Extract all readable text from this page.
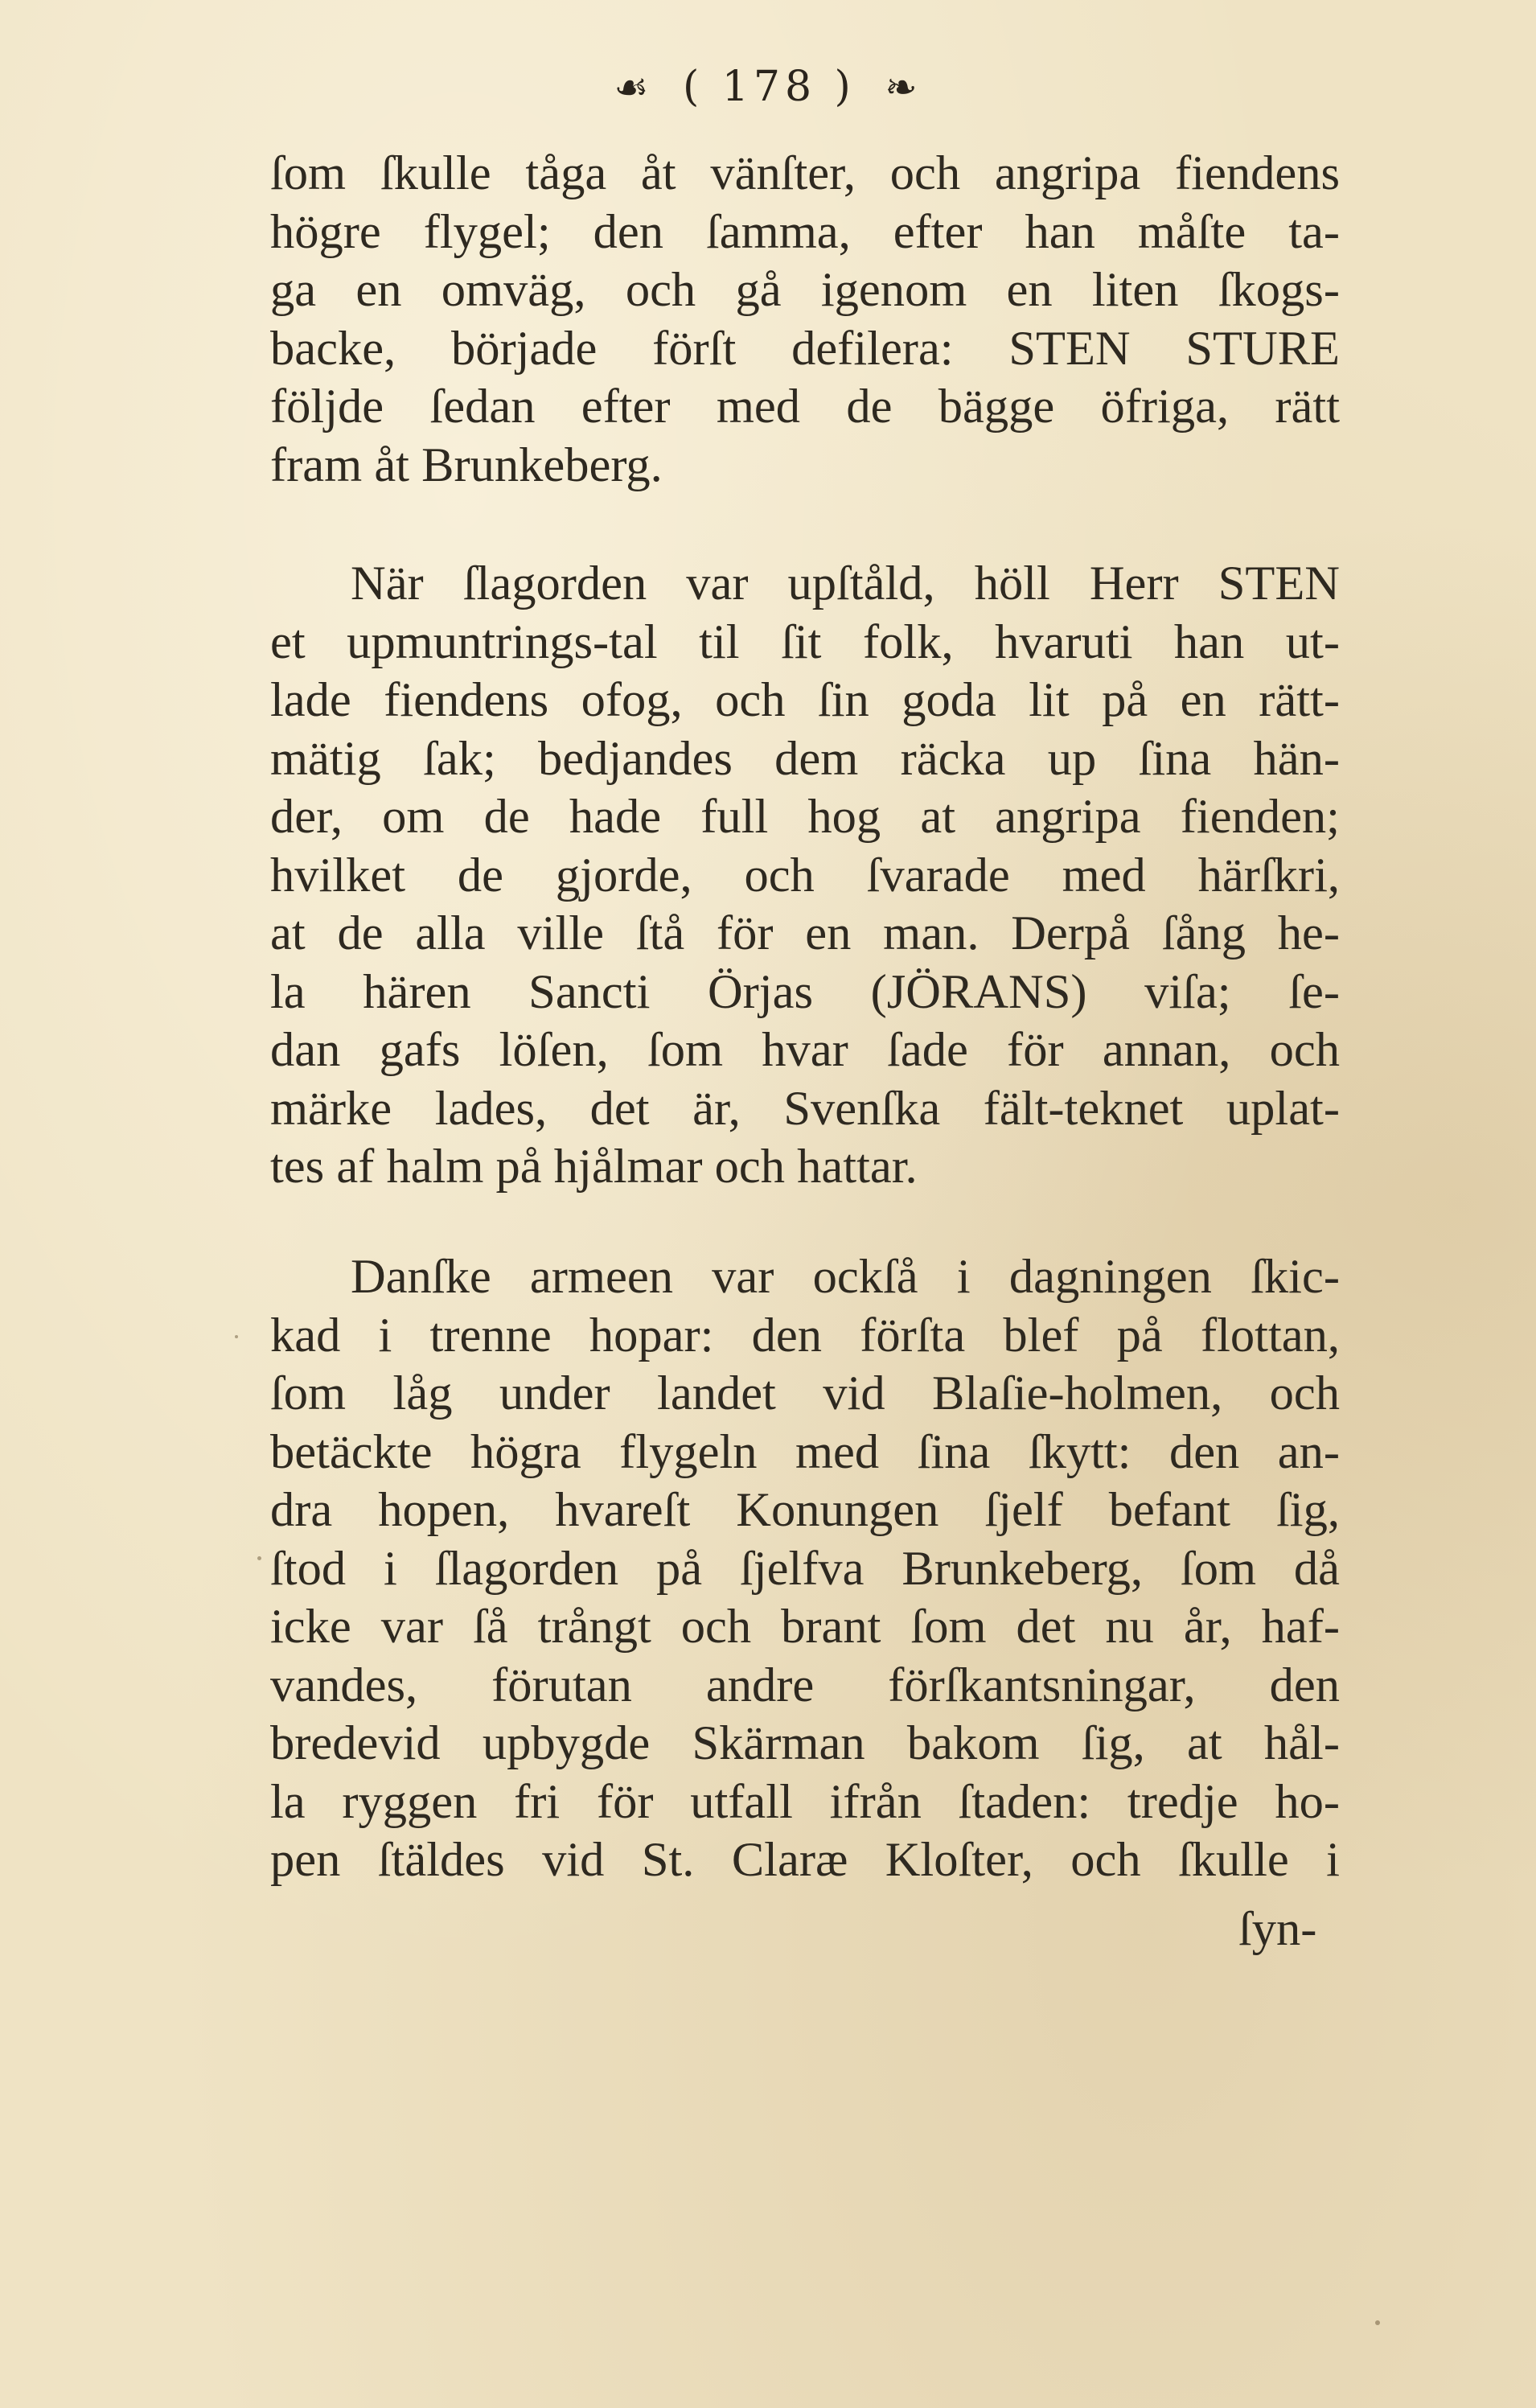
☙ ( 178 ) ❧
ſom ſkulle tåga åt vänſter, och angripa fiendens
högre flygel; den ſamma, efter han måſte ta-
ga en omväg, och gå igenom en liten ſkogs-
backe, började förſt defilera: STEN STURE
följde ſedan efter med de bägge öfriga, rätt
fram åt Brunkeberg.
När ſlagorden var upſtåld, höll Herr STEN
et upmuntrings-tal til ſit folk, hvaruti han ut-
lade fiendens ofog, och ſin goda lit på en rätt-
mätig ſak; bedjandes dem räcka up ſina hän-
der, om de hade full hog at angripa fienden;
hvilket de gjorde, och ſvarade med härſkri,
at de alla ville ſtå för en man. Derpå ſång he-
la hären Sancti Örjas (JÖRANS) viſa; ſe-
dan gafs löſen, ſom hvar ſade för annan, och
märke lades, det är, Svenſka fält-teknet uplat-
tes af halm på hjålmar och hattar.
Danſke armeen var ockſå i dagningen ſkic-
kad i trenne hopar: den förſta blef på flottan,
ſom låg under landet vid Blaſie-holmen, och
betäckte högra flygeln med ſina ſkytt: den an-
dra hopen, hvareſt Konungen ſjelf befant ſig,
ſtod i ſlagorden på ſjelfva Brunkeberg, ſom då
icke var ſå trångt och brant ſom det nu år, haf-
vandes, förutan andre förſkantsningar, den
bredevid upbygde Skärman bakom ſig, at hål-
la ryggen fri för utfall ifrån ſtaden: tredje ho-
pen ſtäldes vid St. Claræ Kloſter, och ſkulle i
ſyn-
